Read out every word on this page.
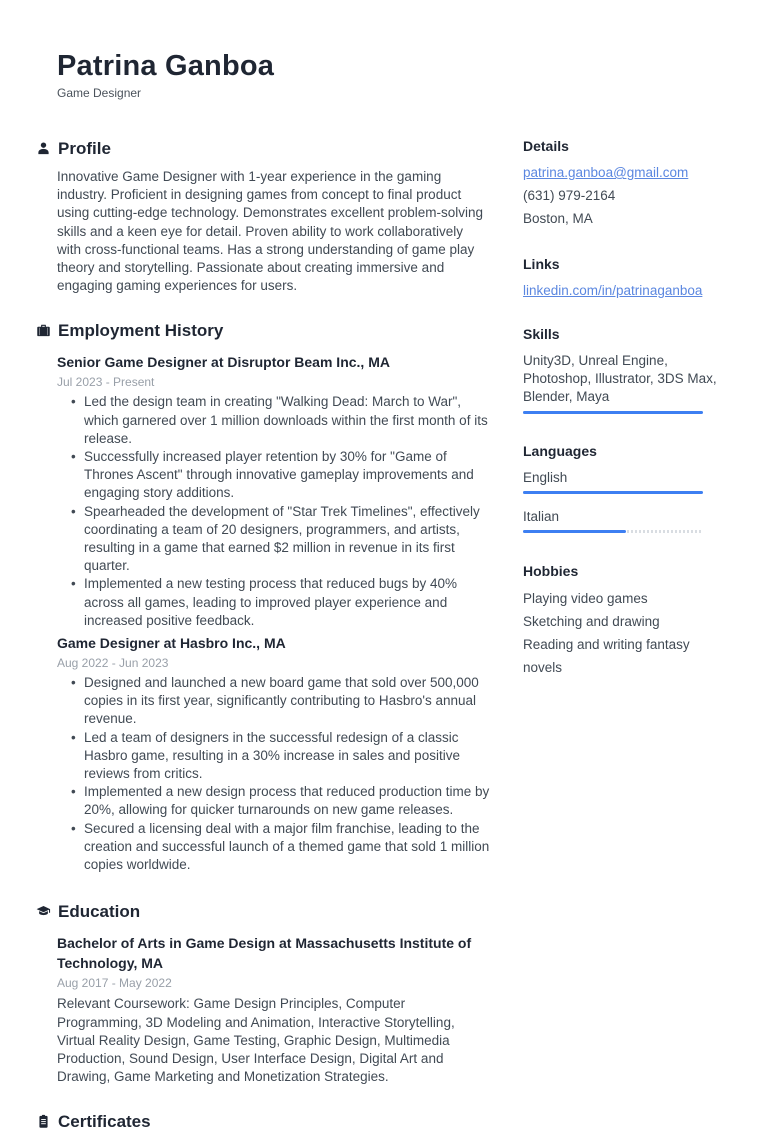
Patrina Ganboa
Game Designer
Profile

Innovative Game Designer with 1-year experience in the gaming industry. Proficient in designing games from concept to final product using cutting-edge technology. Demonstrates excellent problem-solving skills and a keen eye for detail. Proven ability to work collaboratively with cross-functional teams. Has a strong understanding of game play theory and storytelling. Passionate about creating immersive and engaging gaming experiences for users.

Employment History
Senior Game Designer at Disruptor Beam Inc., MA
Jul 2023 - Present
• Led the design team in creating "Walking Dead: March to War", which garnered over 1 million downloads within the first month of its release.
• Successfully increased player retention by 30% for "Game of Thrones Ascent" through innovative gameplay improvements and engaging story additions.
• Spearheaded the development of "Star Trek Timelines", effectively coordinating a team of 20 designers, programmers, and artists, resulting in a game that earned $2 million in revenue in its first quarter.
• Implemented a new testing process that reduced bugs by 40% across all games, leading to improved player experience and increased positive feedback.
Game Designer at Hasbro Inc., MA
Aug 2022 - Jun 2023
• Designed and launched a new board game that sold over 500,000 copies in its first year, significantly contributing to Hasbro's annual revenue.
• Led a team of designers in the successful redesign of a classic Hasbro game, resulting in a 30% increase in sales and positive reviews from critics.
• Implemented a new design process that reduced production time by 20%, allowing for quicker turnarounds on new game releases.
• Secured a licensing deal with a major film franchise, leading to the creation and successful launch of a themed game that sold 1 million copies worldwide.
Education
Bachelor of Arts in Game Design at Massachusetts Institute of Technology, MA
Aug 2017 - May 2022

Relevant Coursework: Game Design Principles, Computer Programming, 3D Modeling and Animation, Interactive Storytelling, Virtual Reality Design, Game Testing, Graphic Design, Multimedia Production, Sound Design, User Interface Design, Digital Art and Drawing, Game Marketing and Monetization Strategies.

Certificates
Details
patrina.ganboa@gmail.com
(631) 979-2164
Boston, MA
Links
linkedin.com/in/patrinaganboa
Skills
Unity3D, Unreal Engine, Photoshop, Illustrator, 3DS Max, Blender, Maya
Languages
English
Italian
Hobbies
Playing video games
Sketching and drawing
Reading and writing fantasy novels
